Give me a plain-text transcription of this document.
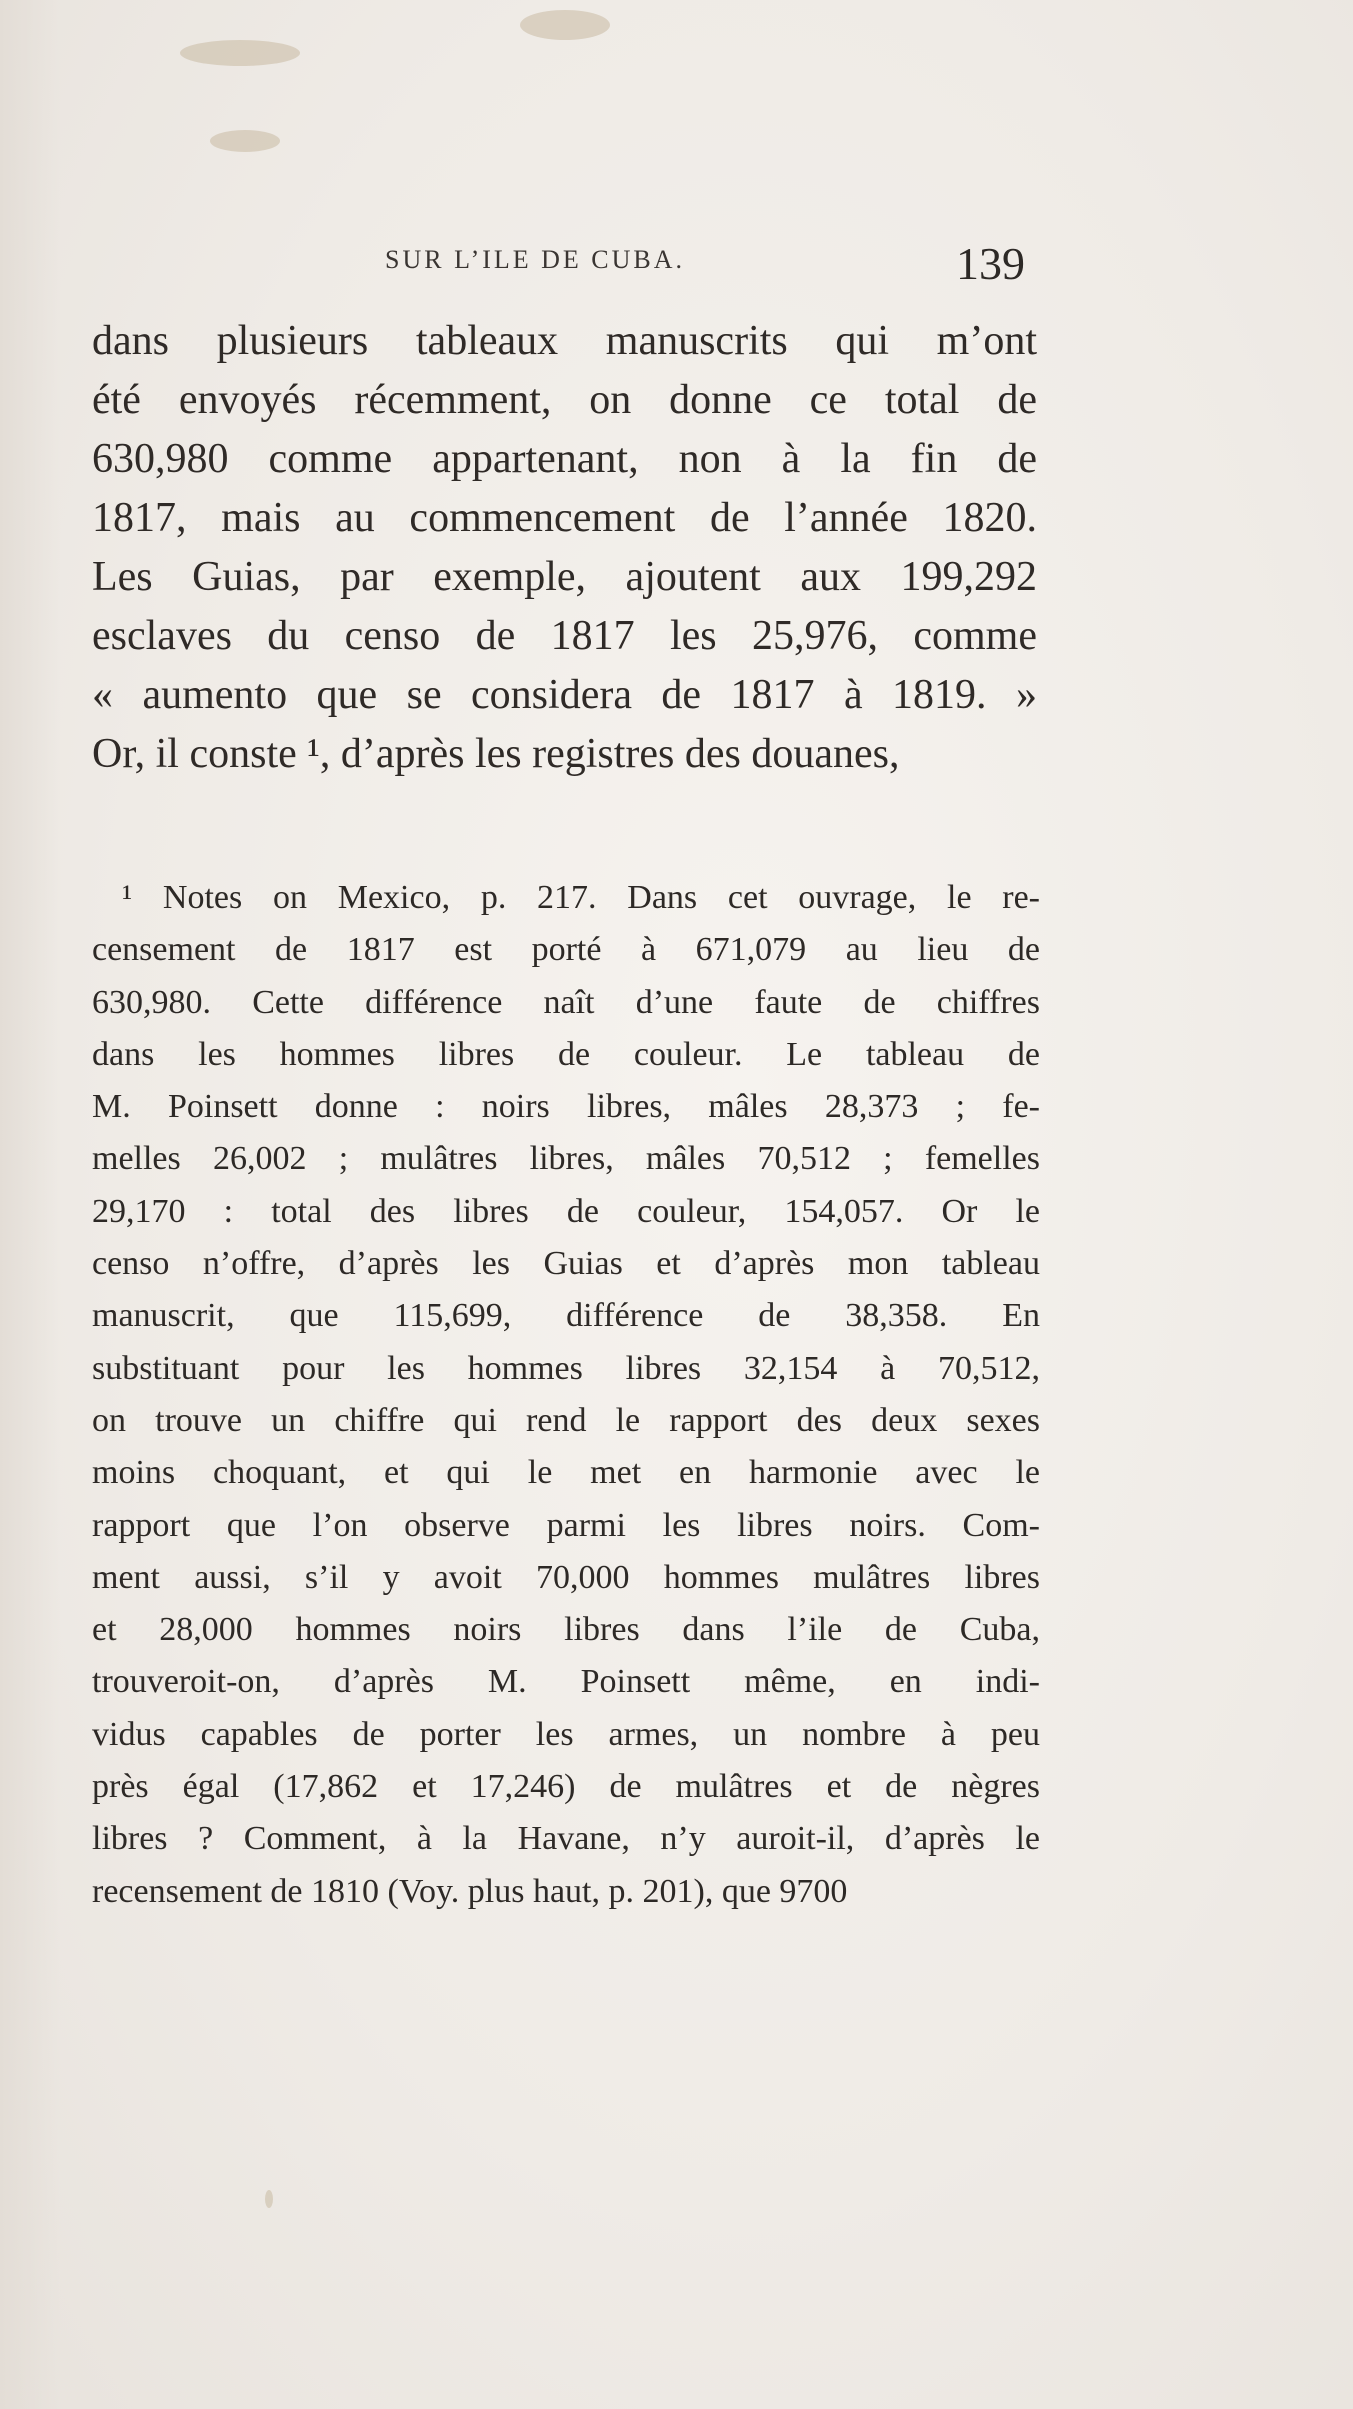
SUR L’ILE DE CUBA.	139
dans plusieurs tableaux manuscrits qui m’ont
été envoyés récemment, on donne ce total de
630,980 comme appartenant, non à la fin de
1817, mais au commencement de l’année 1820.
Les Guias, par exemple, ajoutent aux 199,292
esclaves du censo de 1817 les 25,976, comme
« aumento que se considera de 1817 à 1819. »
Or, il conste ¹, d’après les registres des douanes,
¹ Notes on Mexico, p. 217. Dans cet ouvrage, le re-
censement de 1817 est porté à 671,079 au lieu de
630,980. Cette différence naît d’une faute de chiffres
dans les hommes libres de couleur. Le tableau de
M. Poinsett donne : noirs libres, mâles 28,373 ; fe-
melles 26,002 ; mulâtres libres, mâles 70,512 ; femelles
29,170 : total des libres de couleur, 154,057. Or le
censo n’offre, d’après les Guias et d’après mon tableau
manuscrit, que 115,699, différence de 38,358. En
substituant pour les hommes libres 32,154 à 70,512,
on trouve un chiffre qui rend le rapport des deux sexes
moins choquant, et qui le met en harmonie avec le
rapport que l’on observe parmi les libres noirs. Com-
ment aussi, s’il y avoit 70,000 hommes mulâtres libres
et 28,000 hommes noirs libres dans l’ile de Cuba,
trouveroit-on, d’après M. Poinsett même, en indi-
vidus capables de porter les armes, un nombre à peu
près égal (17,862 et 17,246) de mulâtres et de nègres
libres ? Comment, à la Havane, n’y auroit-il, d’après le
recensement de 1810 (Voy. plus haut, p. 201), que 9700
